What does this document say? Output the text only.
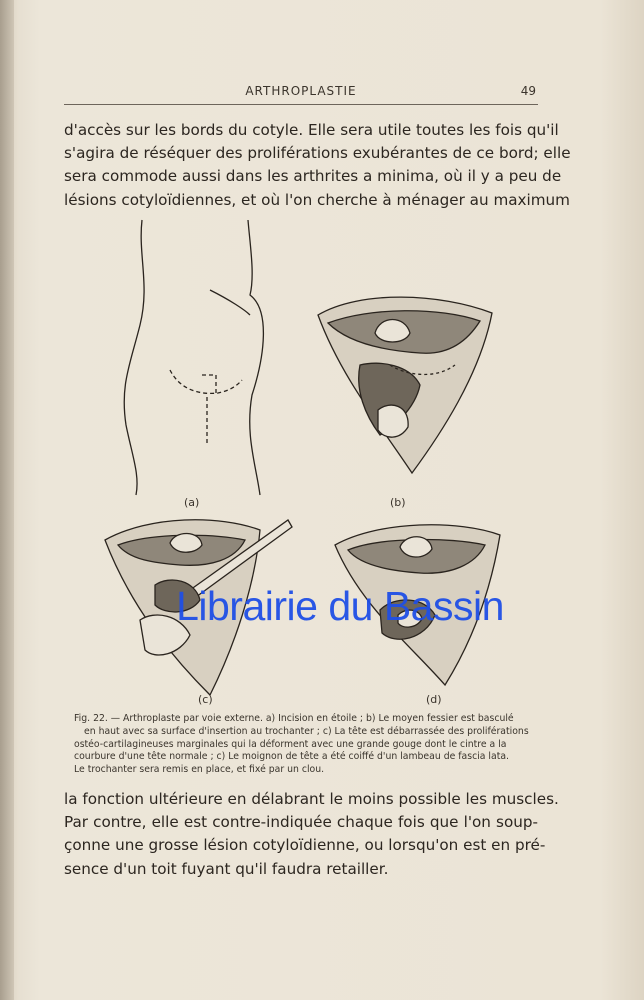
ARTHROPLASTIE	49
d'accès sur les bords du cotyle. Elle sera utile toutes les fois qu'il
s'agira de réséquer des proliférations exubérantes de ce bord; elle
sera commode aussi dans les arthrites a minima, où il y a peu de
lésions cotyloïdiennes, et où l'on cherche à ménager au maximum
(a)	(b)
(c)	(d)
Fig. 22. — Arthroplaste par voie externe. a) Incision en étoile ; b) Le moyen fessier est basculé
en haut avec sa surface d'insertion au trochanter ; c) La tête est débarrassée des proliférations
ostéo-cartilagineuses marginales qui la déforment avec une grande gouge dont le cintre a la
courbure d'une tête normale ; c) Le moignon de tête a été coiffé d'un lambeau de fascia lata.
Le trochanter sera remis en place, et fixé par un clou.
la fonction ultérieure en délabrant le moins possible les muscles.
Par contre, elle est contre-indiquée chaque fois que l'on soup-
çonne une grosse lésion cotyloïdienne, ou lorsqu'on est en pré-
sence d'un toit fuyant qu'il faudra retailler.
Librairie du Bassin
